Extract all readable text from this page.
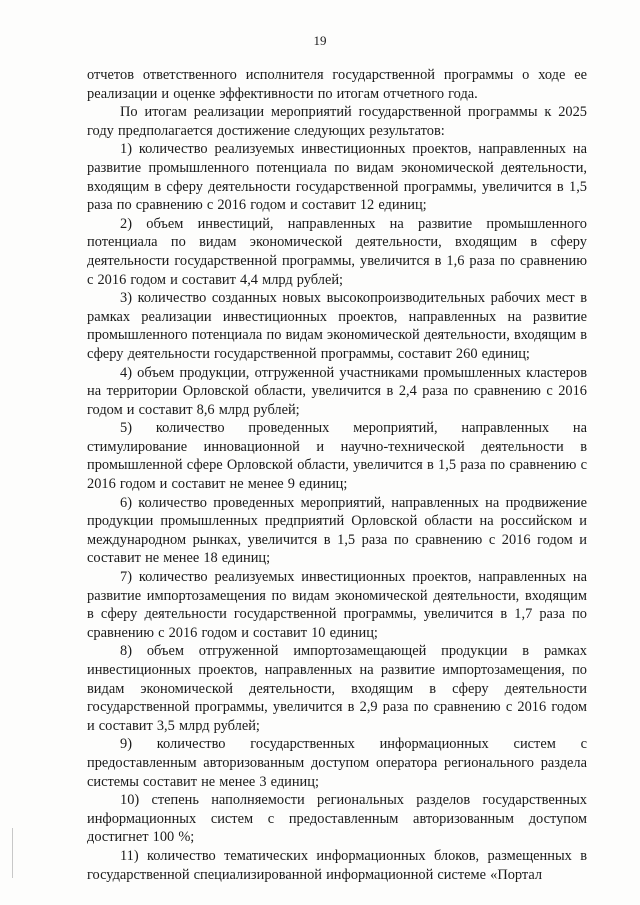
19

отчетов ответственного исполнителя государственной программы о ходе ее реализации и оценке эффективности по итогам отчетного года.

По итогам реализации мероприятий государственной программы к 2025 году предполагается достижение следующих результатов:

1) количество реализуемых инвестиционных проектов, направленных на развитие промышленного потенциала по видам экономической деятельности, входящим в сферу деятельности государственной программы, увеличится в 1,5 раза по сравнению с 2016 годом и составит 12 единиц;

2) объем инвестиций, направленных на развитие промышленного потенциала по видам экономической деятельности, входящим в сферу деятельности государственной программы, увеличится в 1,6 раза по сравнению с 2016 годом и составит 4,4 млрд рублей;

3) количество созданных новых высокопроизводительных рабочих мест в рамках реализации инвестиционных проектов, направленных на развитие промышленного потенциала по видам экономической деятельности, входящим в сферу деятельности государственной программы, составит 260 единиц;

4) объем продукции, отгруженной участниками промышленных кластеров на территории Орловской области, увеличится в 2,4 раза по сравнению с 2016 годом и составит 8,6 млрд рублей;

5) количество проведенных мероприятий, направленных на стимулирование инновационной и научно-технической деятельности в промышленной сфере Орловской области, увеличится в 1,5 раза по сравнению с 2016 годом и составит не менее 9 единиц;

6) количество проведенных мероприятий, направленных на продвижение продукции промышленных предприятий Орловской области на российском и международном рынках, увеличится в 1,5 раза по сравнению с 2016 годом и составит не менее 18 единиц;

7) количество реализуемых инвестиционных проектов, направленных на развитие импортозамещения по видам экономической деятельности, входящим в сферу деятельности государственной программы, увеличится в 1,7 раза по сравнению с 2016 годом и составит 10 единиц;

8) объем отгруженной импортозамещающей продукции в рамках инвестиционных проектов, направленных на развитие импортозамещения, по видам экономической деятельности, входящим в сферу деятельности государственной программы, увеличится в 2,9 раза по сравнению с 2016 годом и составит 3,5 млрд рублей;

9) количество государственных информационных систем с предоставленным авторизованным доступом оператора регионального раздела системы составит не менее 3 единиц;

10) степень наполняемости региональных разделов государственных информационных систем с предоставленным авторизованным доступом достигнет 100 %;

11) количество тематических информационных блоков, размещенных в государственной специализированной информационной системе «Портал
